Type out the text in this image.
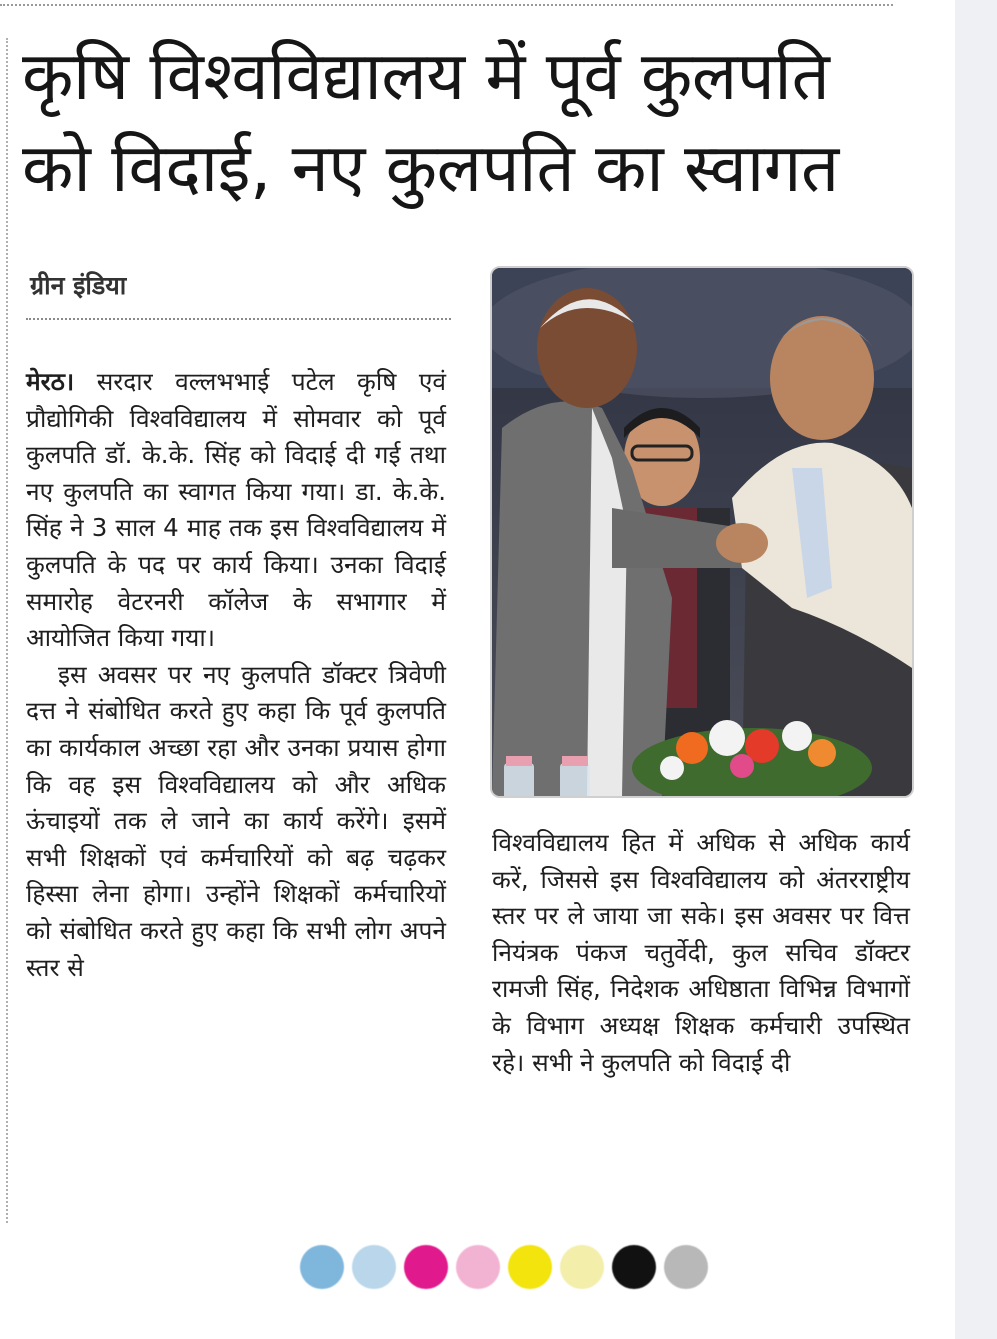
कृषि विश्वविद्यालय में पूर्व कुलपति
को विदाई, नए कुलपति का स्वागत
ग्रीन इंडिया

मेरठ। सरदार वल्लभभाई पटेल कृषि एवं प्रौद्योगिकी विश्वविद्यालय में सोमवार को पूर्व कुलपति डॉ. के.के. सिंह को विदाई दी गई तथा नए कुलपति का स्वागत किया गया। डा. के.के. सिंह ने 3 साल 4 माह तक इस विश्वविद्यालय में कुलपति के पद पर कार्य किया। उनका विदाई समारोह वेटरनरी कॉलेज के सभागार में आयोजित किया गया।

इस अवसर पर नए कुलपति डॉक्टर त्रिवेणी दत्त ने संबोधित करते हुए कहा कि पूर्व कुलपति का कार्यकाल अच्छा रहा और उनका प्रयास होगा कि वह इस विश्वविद्यालय को और अधिक ऊंचाइयों तक ले जाने का कार्य करेंगे। इसमें सभी शिक्षकों एवं कर्मचारियों को बढ़ चढ़कर हिस्सा लेना होगा। उन्होंने शिक्षकों कर्मचारियों को संबोधित करते हुए कहा कि सभी लोग अपने स्तर से

विश्वविद्यालय हित में अधिक से अधिक कार्य करें, जिससे इस विश्वविद्यालय को अंतरराष्ट्रीय स्तर पर ले जाया जा सके। इस अवसर पर वित्त नियंत्रक पंकज चतुर्वेदी, कुल सचिव डॉक्टर रामजी सिंह, निदेशक अधिष्ठाता विभिन्न विभागों के विभाग अध्यक्ष शिक्षक कर्मचारी उपस्थित रहे। सभी ने कुलपति को विदाई दी
